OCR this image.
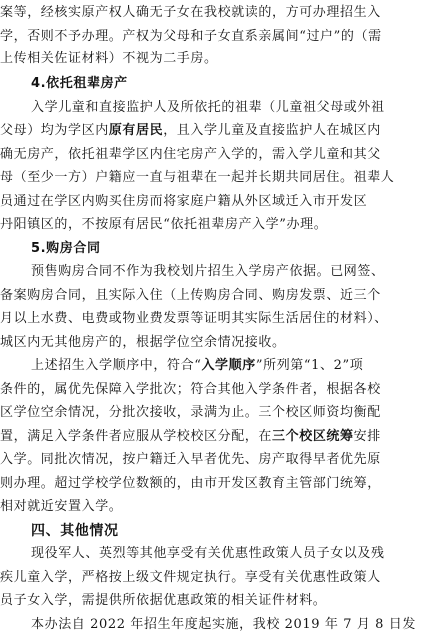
案等，经核实原产权人确无子女在我校就读的，方可办理招生入
学，否则不予办理。产权为父母和子女直系亲属间“过户”的（需
上传相关佐证材料）不视为二手房。
4.依托租辈房产
入学儿童和直接监护人及所依托的祖辈（儿童祖父母或外祖
父母）均为学区内原有居民，且入学儿童及直接监护人在城区内
确无房产，依托祖辈学区内住宅房产入学的，需入学儿童和其父
母（至少一方）户籍应一直与祖辈在一起并长期共同居住。祖辈人
员通过在学区内购买住房而将家庭户籍从外区域迁入市开发区
丹阳镇区的，不按原有居民“依托祖辈房产入学”办理。
5.购房合同
预售购房合同不作为我校划片招生入学房产依据。已网签、
备案购房合同，且实际入住（上传购房合同、购房发票、近三个
月以上水费、电费或物业费发票等证明其实际生活居住的材料）、
城区内无其他房产的，根据学位空余情况接收。
上述招生入学顺序中，符合“入学顺序”所列第“1、2”项
条件的，属优先保障入学批次；符合其他入学条件者，根据各校
区学位空余情况，分批次接收，录满为止。三个校区师资均衡配
置，满足入学条件者应服从学校校区分配，在三个校区统筹安排
入学。同批次情况，按户籍迁入早者优先、房产取得早者优先原
则办理。超过学校学位数额的，由市开发区教育主管部门统筹，
相对就近安置入学。
四、其他情况
现役军人、英烈等其他享受有关优惠性政策人员子女以及残
疾儿童入学，严格按上级文件规定执行。享受有关优惠性政策人
员子女入学，需提供所依据优惠政策的相关证件材料。
本办法自 2022 年招生年度起实施，我校 2019 年 7 月 8 日发
